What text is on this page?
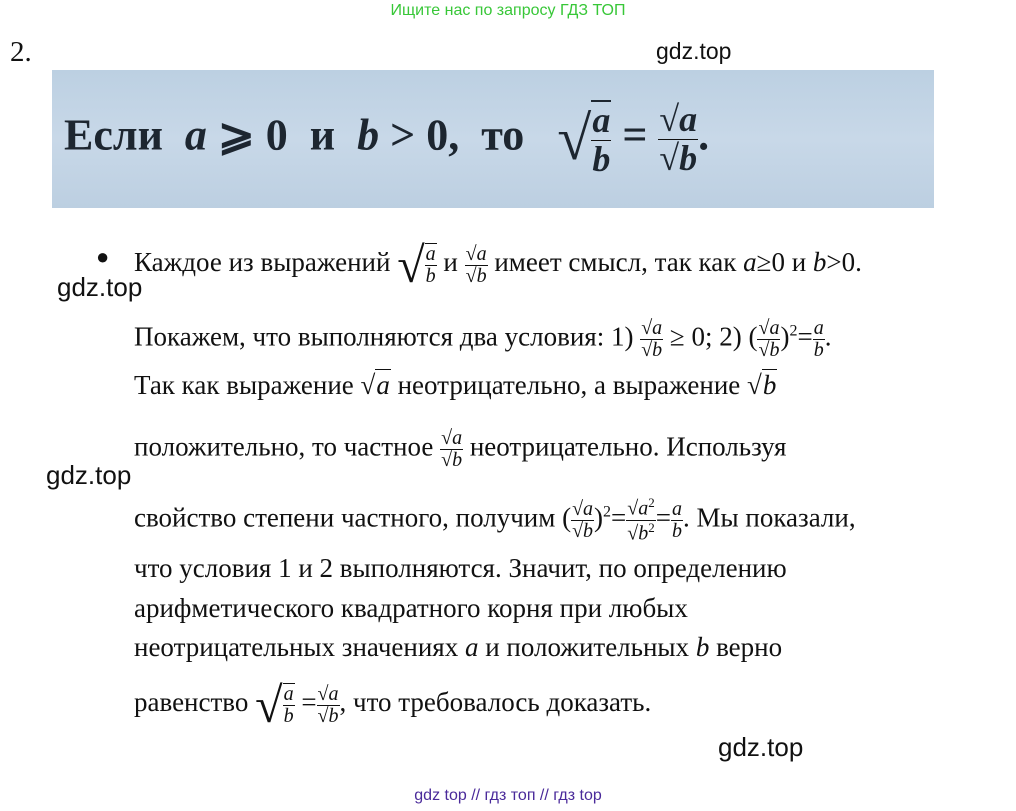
Ищите нас по запросу ГДЗ ТОП
2.	gdz.top
Если a ⩾ 0 и b > 0, то √ $\frac{a}{b} = \frac{√a}{√b}$ .
● Каждое из выражений √ $\frac{a}{b}$ и $\frac{√a}{√b}$ имеет смысл, так как a≥0 и b>0.
gdz.top
Покажем, что выполняются два условия: $1) \frac{√a}{√b} \ge 0$; 2) ( $\frac{√a}{√b} )^2= \frac{a}{b}$ .
Так как выражение √a неотрицательно, а выражение √b
положительно, то частное $\frac{√a}{√b}$ неотрицательно. Используя
gdz.top
свойство степени частного, получим ( $\frac{√a}{√b} )^2= \frac{√a^2}{√b^2} = \frac{a}{b}$ . Мы показали,
что условия 1 и 2 выполняются. Значит, по определению
арифметического квадратного корня при любых
неотрицательных значениях a и положительных b верно
равенство √ $\frac{a}{b} = \frac{√a}{√b}$ , что требовалось доказать.
gdz.top
gdz top // гдз топ // гдз top
